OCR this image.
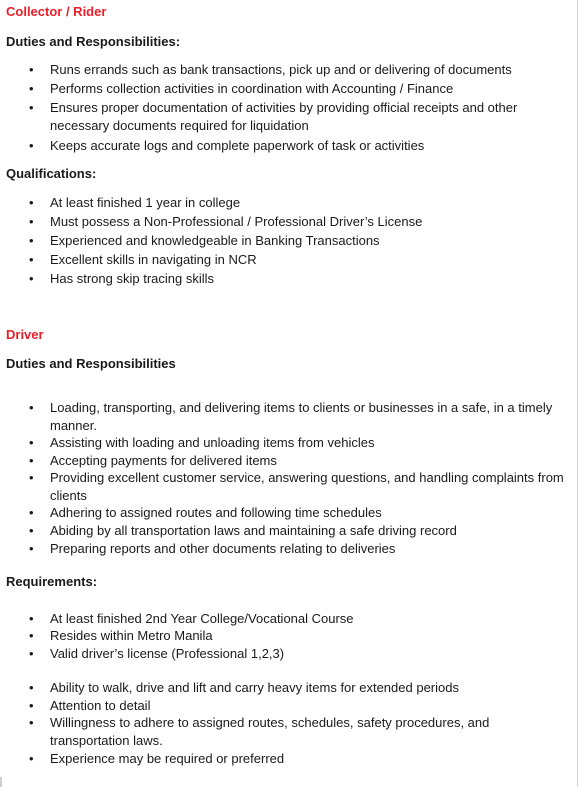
Collector / Rider
Duties and Responsibilities:
• Runs errands such as bank transactions, pick up and or delivering of documents
• Performs collection activities in coordination with Accounting / Finance
• Ensures proper documentation of activities by providing official receipts and other necessary documents required for liquidation
• Keeps accurate logs and complete paperwork of task or activities
Qualifications:
• At least finished 1 year in college
• Must possess a Non-Professional / Professional Driver’s License
• Experienced and knowledgeable in Banking Transactions
• Excellent skills in navigating in NCR
• Has strong skip tracing skills
Driver
Duties and Responsibilities
• Loading, transporting, and delivering items to clients or businesses in a safe, in a timely manner.
• Assisting with loading and unloading items from vehicles
• Accepting payments for delivered items
• Providing excellent customer service, answering questions, and handling complaints from clients
• Adhering to assigned routes and following time schedules
• Abiding by all transportation laws and maintaining a safe driving record
• Preparing reports and other documents relating to deliveries
Requirements:
• At least finished 2nd Year College/Vocational Course
• Resides within Metro Manila
• Valid driver’s license (Professional 1,2,3)
• Ability to walk, drive and lift and carry heavy items for extended periods
• Attention to detail
• Willingness to adhere to assigned routes, schedules, safety procedures, and transportation laws.
• Experience may be required or preferred
